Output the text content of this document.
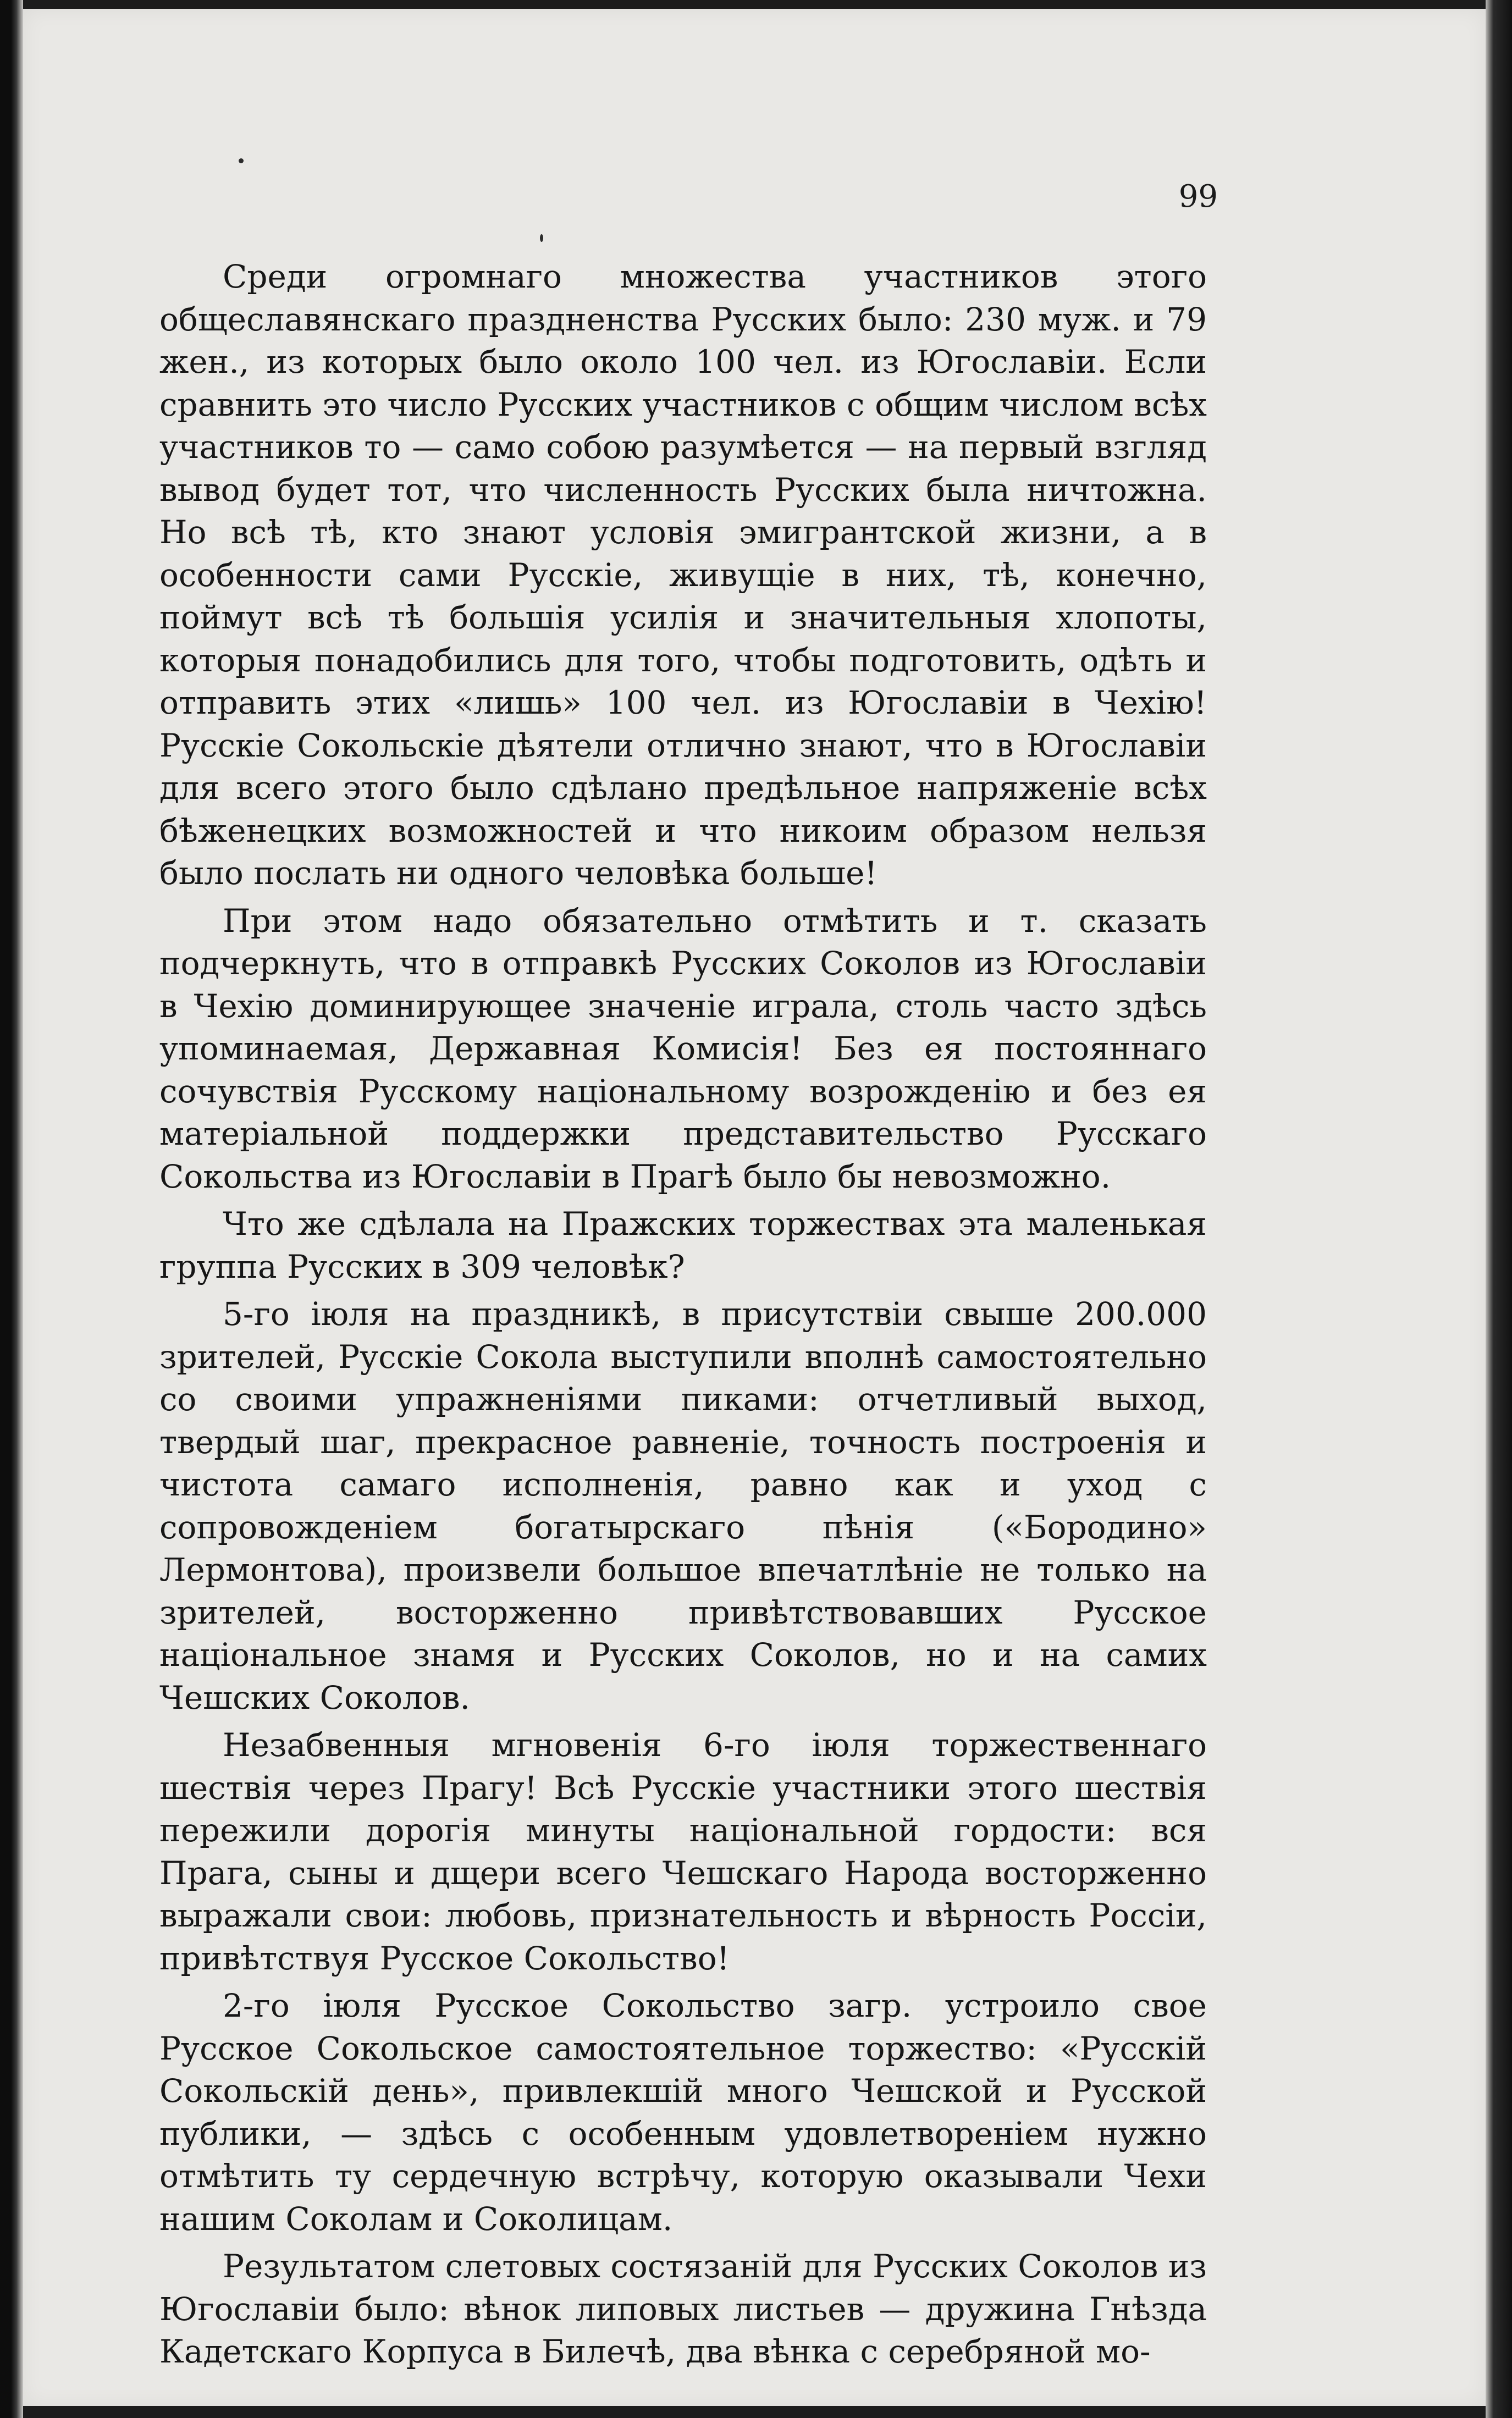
99

Среди огромнаго множества участников этого общеславянскаго праздненства Русских было: 230 муж. и 79 жен., из которых было около 100 чел. из Югославіи. Если сравнить это число Русских участников с общим числом всѣх участников то — само собою разумѣется — на первый взгляд вывод будет тот, что численность Русских была ничтожна. Но всѣ тѣ, кто знают условія эмигрантской жизни, а в особенности сами Русскіе, живущіе в них, тѣ, конечно, поймут всѣ тѣ большія усилія и значительныя хлопоты, которыя понадобились для того, чтобы подготовить, одѣть и отправить этих «лишь» 100 чел. из Югославіи в Чехію! Русскіе Сокольскіе дѣятели отлично знают, что в Югославіи для всего этого было сдѣлано предѣльное напряженіе всѣх бѣженецких возможностей и что никоим образом нельзя было послать ни одного человѣка больше!

При этом надо обязательно отмѣтить и т. сказать подчеркнуть, что в отправкѣ Русских Соколов из Югославіи в Чехію доминирующее значеніе играла, столь часто здѣсь упоминаемая, Державная Комисія! Без ея постояннаго сочувствія Русскому національному возрожденію и без ея матеріальной поддержки представительство Русскаго Сокольства из Югославіи в Прагѣ было бы невозможно.

Что же сдѣлала на Пражских торжествах эта маленькая группа Русских в 309 человѣк?

5-го іюля на праздникѣ, в присутствіи свыше 200.000 зрителей, Русскіе Сокола выступили вполнѣ самостоятельно со своими упражненіями пиками: отчетливый выход, твердый шаг, прекрасное равненіе, точность построенія и чистота самаго исполненія, равно как и уход с сопровожденіем богатырскаго пѣнія («Бородино» Лермонтова), произвели большое впечатлѣніе не только на зрителей, восторженно привѣтствовавших Русское національное знамя и Русских Соколов, но и на самих Чешских Соколов.

Незабвенныя мгновенія 6-го іюля торжественнаго шествія через Прагу! Всѣ Русскіе участники этого шествія пережили дорогія минуты національной гордости: вся Прага, сыны и дщери всего Чешскаго Народа восторженно выражали свои: любовь, признательность и вѣрность Россіи, привѣтствуя Русское Сокольство!

2-го іюля Русское Сокольство загр. устроило свое Русское Сокольское самостоятельное торжество: «Русскій Сокольскій день», привлекшій много Чешской и Русской публики, — здѣсь с особенным удовлетвореніем нужно отмѣтить ту сердечную встрѣчу, которую оказывали Чехи нашим Соколам и Соколицам.

Результатом слетовых состязаній для Русских Соколов из Югославіи было: вѣнок липовых листьев — дружина Гнѣзда Кадетскаго Корпуса в Билечѣ, два вѣнка с серебряной мо-
